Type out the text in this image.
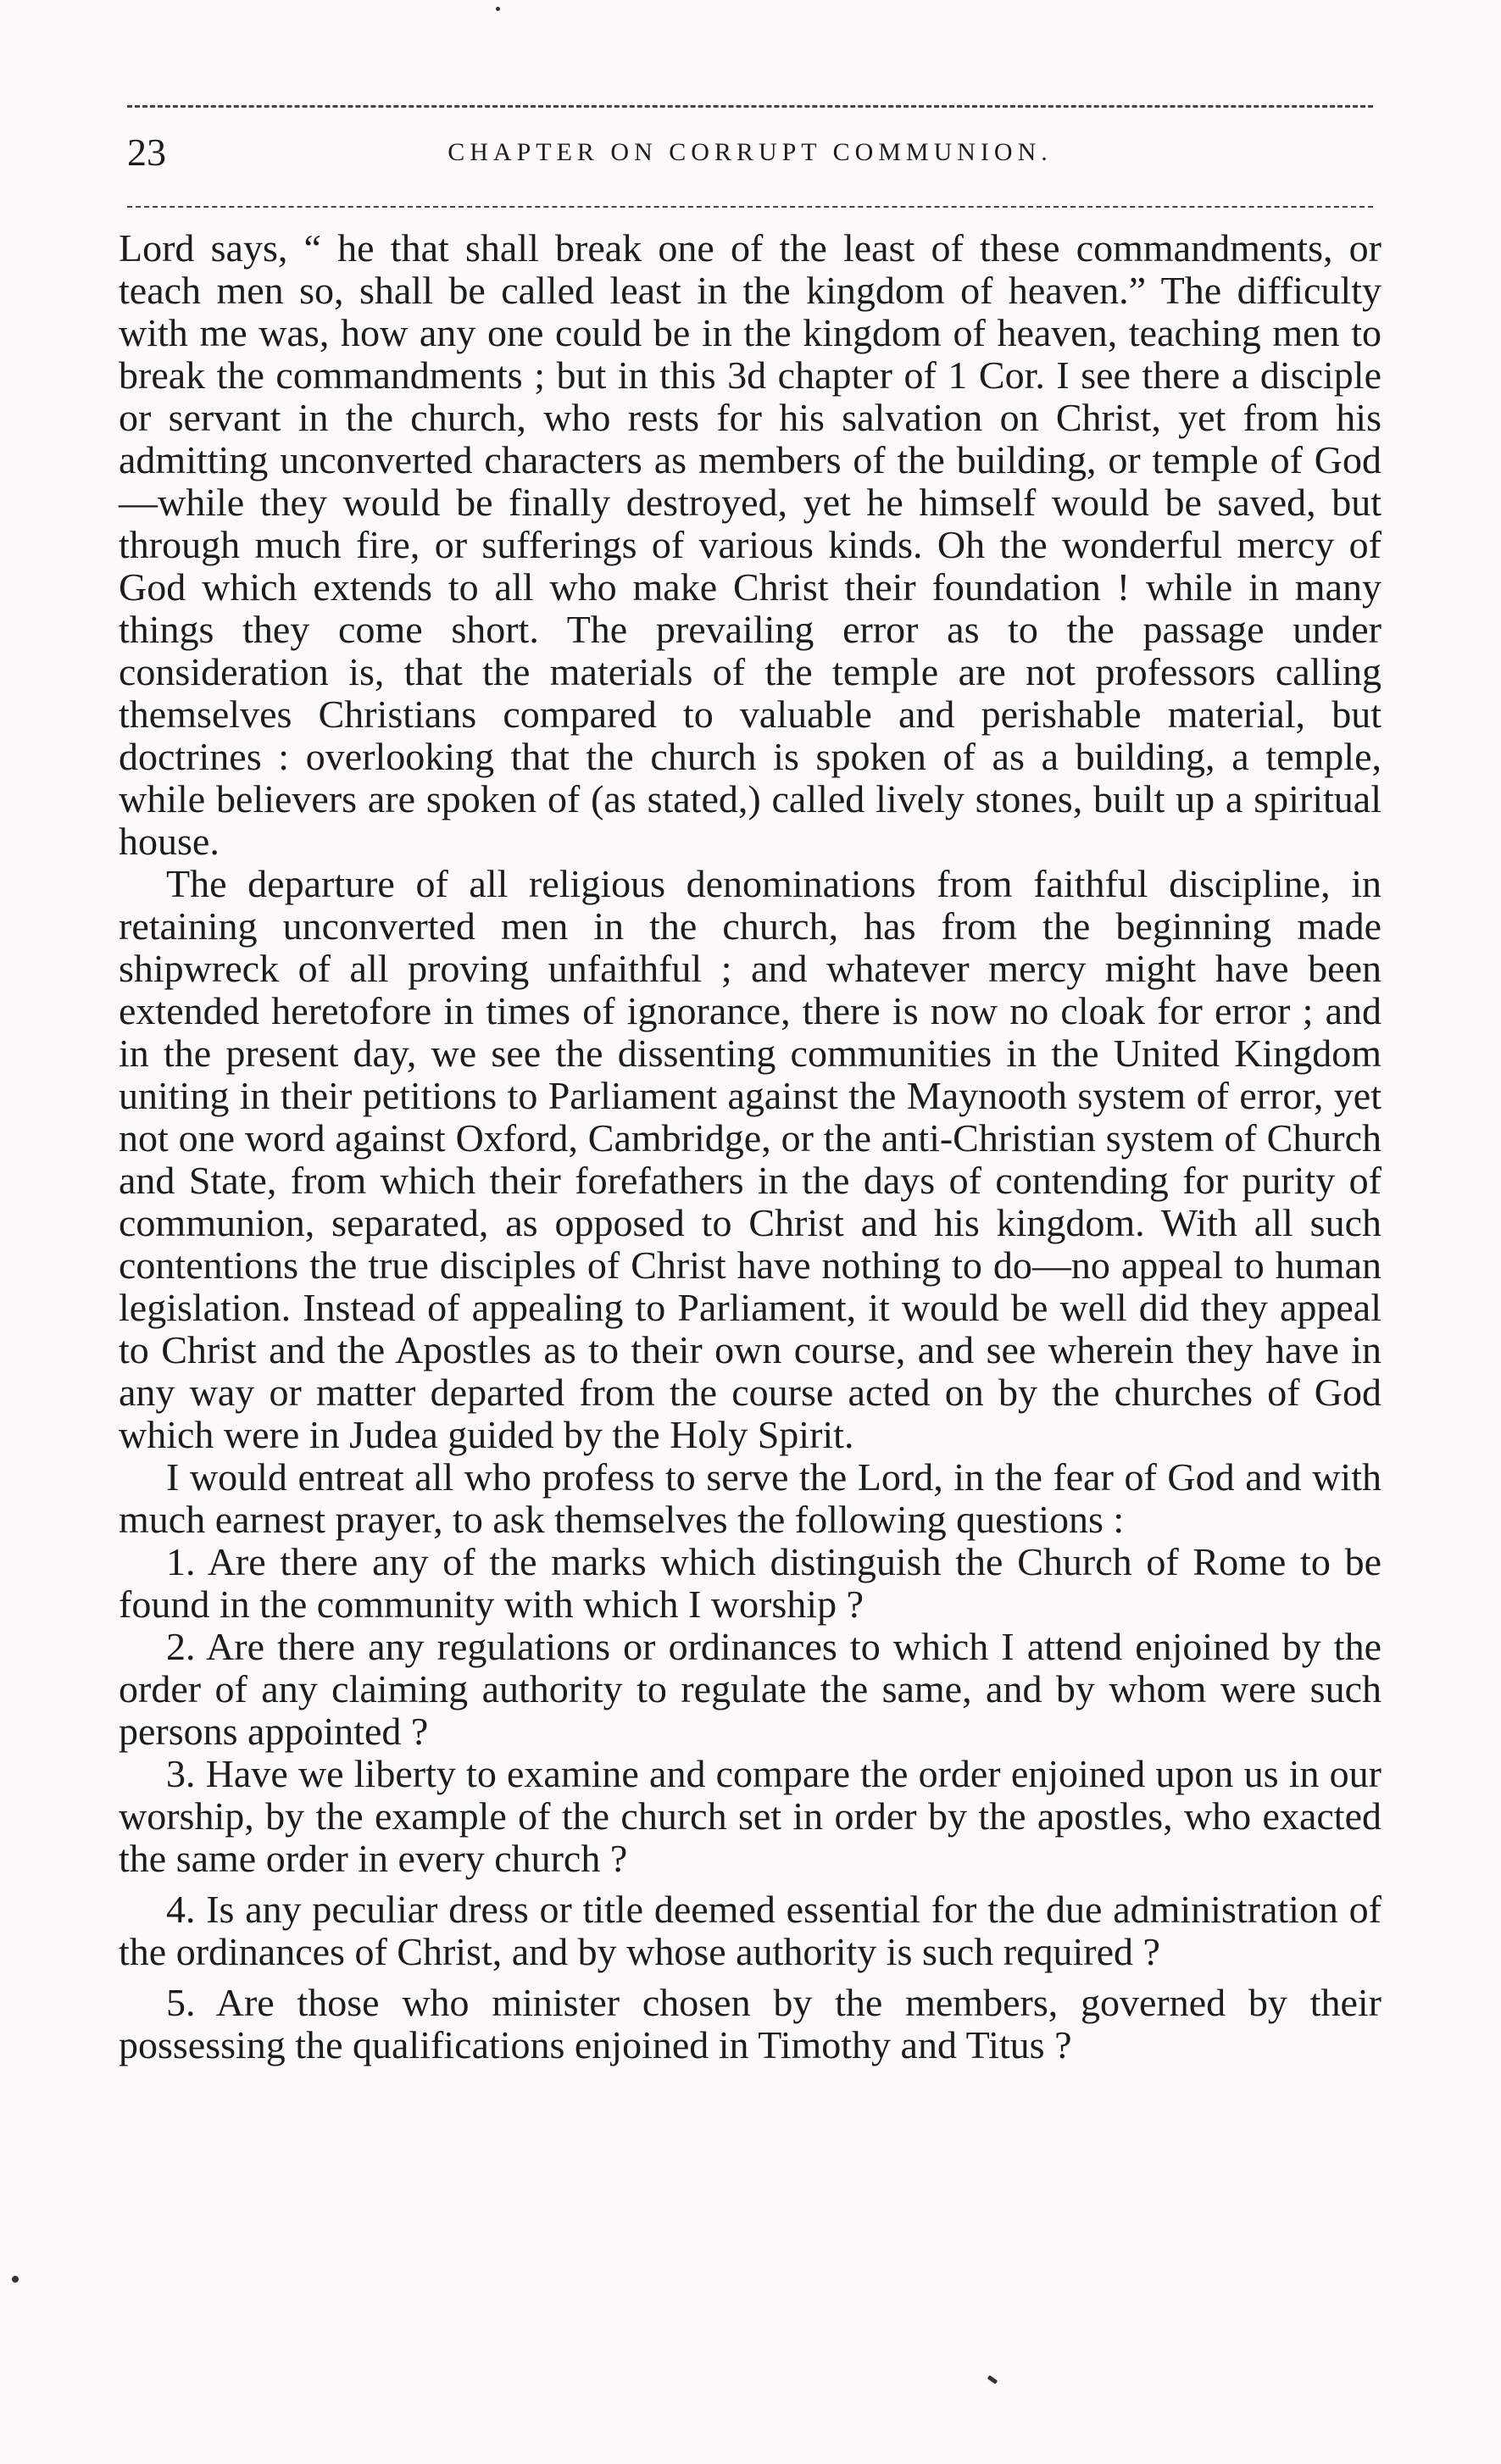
23	CHAPTER ON CORRUPT COMMUNION.

Lord says, “ he that shall break one of the least of these commandments, or teach men so, shall be called least in the kingdom of heaven.” The difficulty with me was, how any one could be in the kingdom of heaven, teaching men to break the commandments ; but in this 3d chapter of 1 Cor. I see there a disciple or servant in the church, who rests for his salvation on Christ, yet from his admitting unconverted characters as members of the building, or temple of God—while they would be finally destroyed, yet he himself would be saved, but through much fire, or sufferings of various kinds. Oh the wonderful mercy of God which extends to all who make Christ their foundation ! while in many things they come short. The prevailing error as to the passage under consideration is, that the materials of the temple are not professors calling themselves Christians compared to valuable and perishable material, but doctrines : overlooking that the church is spoken of as a building, a temple, while believers are spoken of (as stated,) called lively stones, built up a spiritual house.

The departure of all religious denominations from faithful discipline, in retaining unconverted men in the church, has from the beginning made shipwreck of all proving unfaithful ; and whatever mercy might have been extended heretofore in times of ignorance, there is now no cloak for error ; and in the present day, we see the dissenting communities in the United Kingdom uniting in their petitions to Parliament against the Maynooth system of error, yet not one word against Oxford, Cambridge, or the anti-Christian system of Church and State, from which their forefathers in the days of contending for purity of communion, separated, as opposed to Christ and his kingdom. With all such contentions the true disciples of Christ have nothing to do—no appeal to human legislation. Instead of appealing to Parliament, it would be well did they appeal to Christ and the Apostles as to their own course, and see wherein they have in any way or matter departed from the course acted on by the churches of God which were in Judea guided by the Holy Spirit.

I would entreat all who profess to serve the Lord, in the fear of God and with much earnest prayer, to ask themselves the following questions :

1. Are there any of the marks which distinguish the Church of Rome to be found in the community with which I worship ?

2. Are there any regulations or ordinances to which I attend enjoined by the order of any claiming authority to regulate the same, and by whom were such persons appointed ?

3. Have we liberty to examine and compare the order enjoined upon us in our worship, by the example of the church set in order by the apostles, who exacted the same order in every church ?

4. Is any peculiar dress or title deemed essential for the due administration of the ordinances of Christ, and by whose authority is such required ?

5. Are those who minister chosen by the members, governed by their possessing the qualifications enjoined in Timothy and Titus ?
